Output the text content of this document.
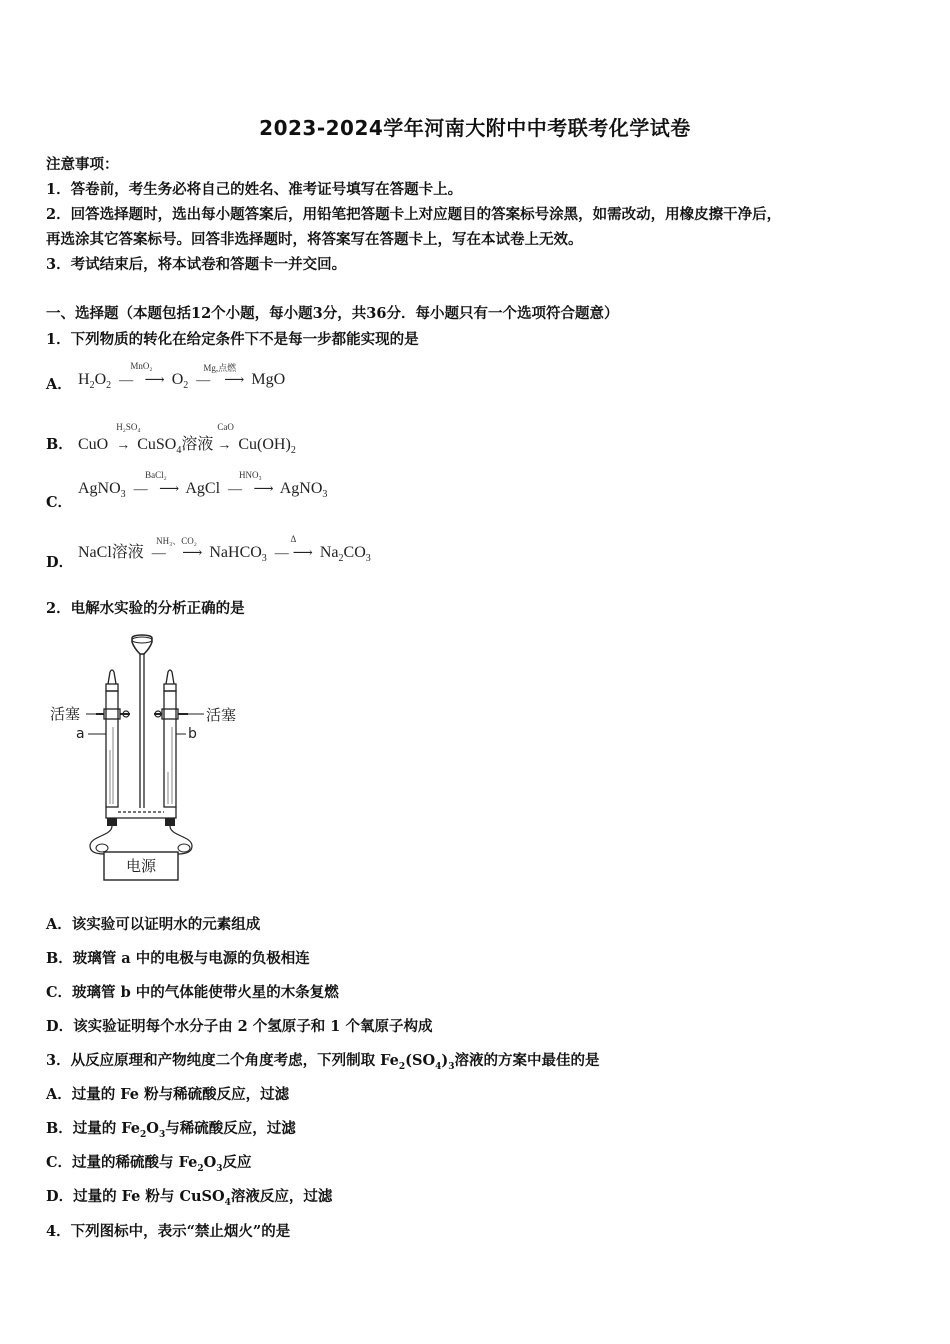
2023-2024学年河南大附中中考联考化学试卷
注意事项：
1．答卷前，考生务必将自己的姓名、准考证号填写在答题卡上。
2．回答选择题时，选出每小题答案后，用铅笔把答题卡上对应题目的答案标号涂黑，如需改动，用橡皮擦干净后，
再选涂其它答案标号。回答非选择题时，将答案写在答题卡上，写在本试卷上无效。
3．考试结束后，将本试卷和答题卡一并交回。
一、选择题（本题包括12个小题，每小题3分，共36分．每小题只有一个选项符合题意）
1．下列物质的转化在给定条件下不是每一步都能实现的是
A． $H_2O_2$
MnO₂
—     ⟶ $O_2$
Mg,点燃
—      ⟶ MgO
B． CuO
H₂SO₄
→ CuSO$_4$溶液
CaO
→ $Cu(OH)_2$
C．
AgNO$_3$
BaCl₂
—     ⟶ AgCl
HNO₃
—     ⟶ AgNO$_3$
D．
NaCl溶液
NH₃、CO₂
—       ⟶ NaHCO$_3$
Δ
—  ⟶ $Na_2CO_3$
2．电解水实验的分析正确的是
电源
活塞	活塞
a	b
A．该实验可以证明水的元素组成
B．玻璃管 a 中的电极与电源的负极相连
C．玻璃管 b 中的气体能使带火星的木条复燃
D．该实验证明每个水分子由 2 个氢原子和 1 个氧原子构成
3．从反应原理和产物纯度二个角度考虑，下列制取 $Fe_2(SO_4)_3$溶液的方案中最佳的是
A．过量的 Fe 粉与稀硫酸反应，过滤
B．过量的 $Fe_2O_3$与稀硫酸反应，过滤
C．过量的稀硫酸与 $Fe_2O_3$反应
D．过量的 Fe 粉与 CuSO$_4$溶液反应，过滤
4．下列图标中，表示“禁止烟火”的是
